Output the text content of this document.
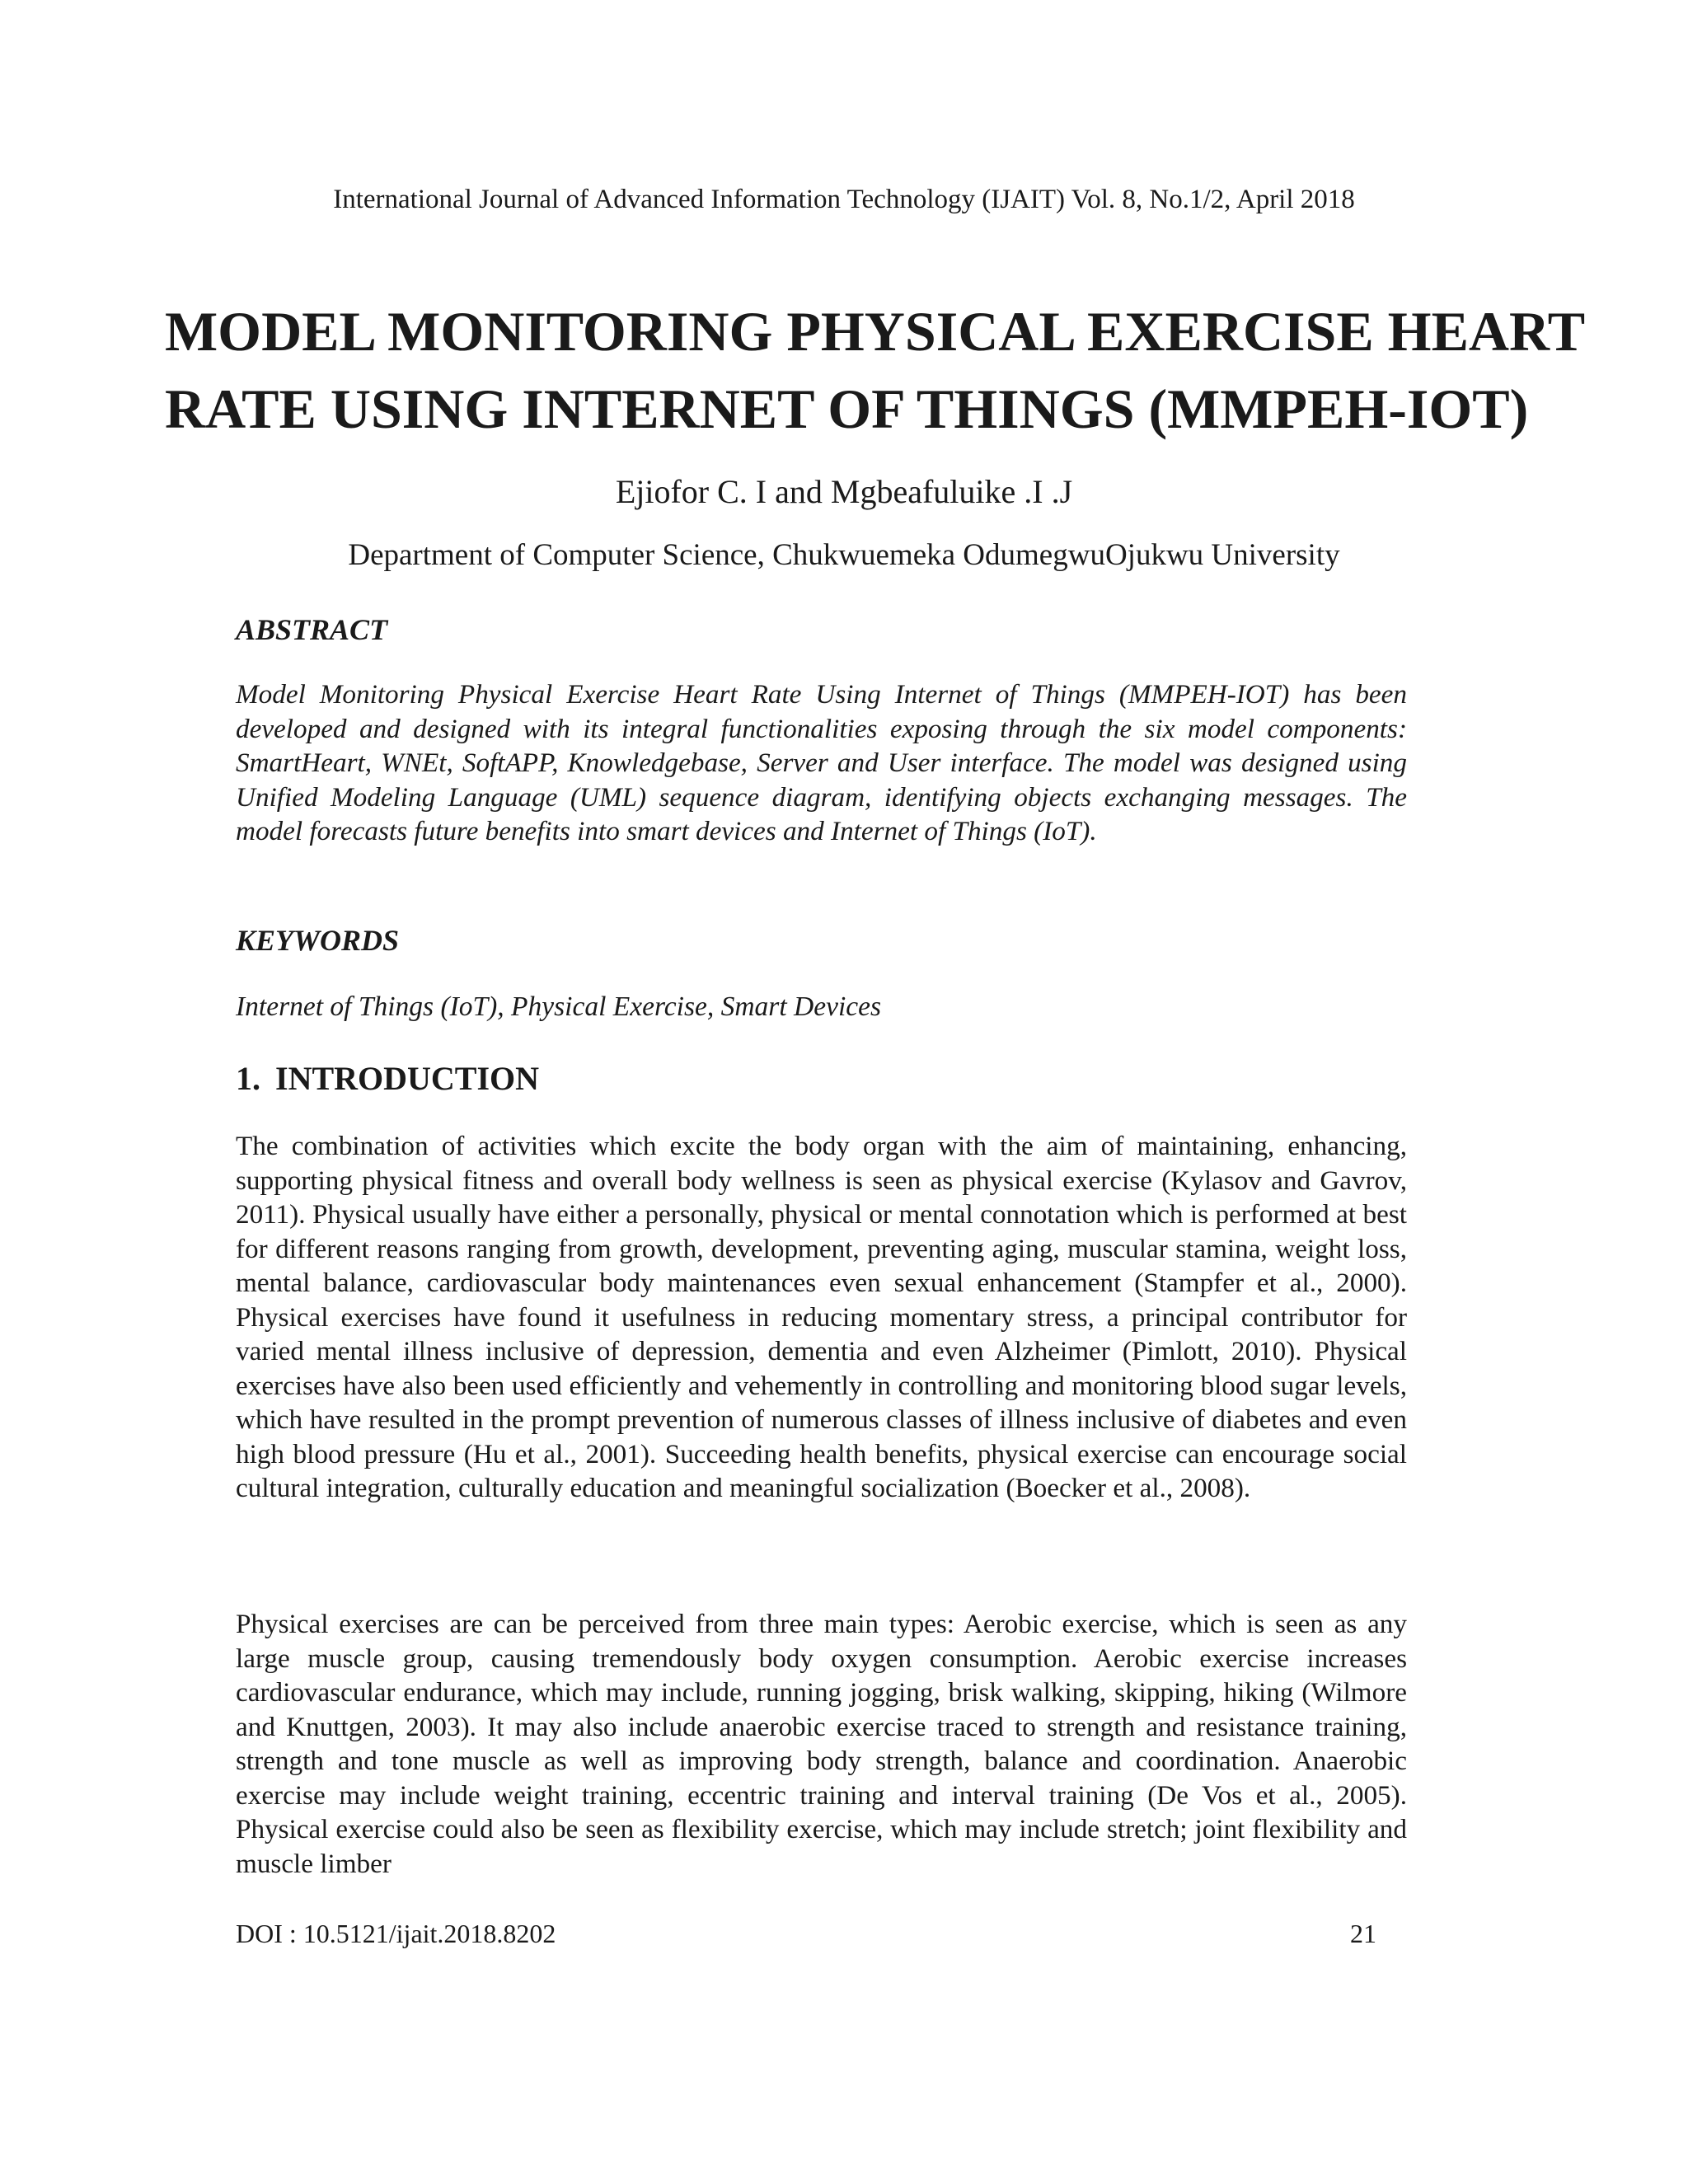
International Journal of Advanced Information Technology (IJAIT) Vol. 8, No.1/2, April 2018
MODEL MONITORING PHYSICAL EXERCISE HEART
RATE USING INTERNET OF THINGS (MMPEH-IOT)
Ejiofor C. I and Mgbeafuluike .I .J
Department of Computer Science, Chukwuemeka OdumegwuOjukwu University
ABSTRACT

Model Monitoring Physical Exercise Heart Rate Using Internet of Things (MMPEH-IOT) has been developed and designed with its integral functionalities exposing through the six model components: SmartHeart, WNEt, SoftAPP, Knowledgebase, Server and User interface. The model was designed using Unified Modeling Language (UML) sequence diagram, identifying objects exchanging messages. The model forecasts future benefits into smart devices and Internet of Things (IoT).

KEYWORDS
Internet of Things (IoT), Physical Exercise, Smart Devices
1. INTRODUCTION

The combination of activities which excite the body organ with the aim of maintaining, enhancing, supporting physical fitness and overall body wellness is seen as physical exercise (Kylasov and Gavrov, 2011). Physical usually have either a personally, physical or mental connotation which is performed at best for different reasons ranging from growth, development, preventing aging, muscular stamina, weight loss, mental balance, cardiovascular body maintenances even sexual enhancement (Stampfer et al., 2000). Physical exercises have found it usefulness in reducing momentary stress, a principal contributor for varied mental illness inclusive of depression, dementia and even Alzheimer (Pimlott, 2010). Physical exercises have also been used efficiently and vehemently in controlling and monitoring blood sugar levels, which have resulted in the prompt prevention of numerous classes of illness inclusive of diabetes and even high blood pressure (Hu et al., 2001). Succeeding health benefits, physical exercise can encourage social cultural integration, culturally education and meaningful socialization (Boecker et al., 2008).

Physical exercises are can be perceived from three main types: Aerobic exercise, which is seen as any large muscle group, causing tremendously body oxygen consumption. Aerobic exercise increases cardiovascular endurance, which may include, running jogging, brisk walking, skipping, hiking (Wilmore and Knuttgen, 2003). It may also include anaerobic exercise traced to strength and resistance training, strength and tone muscle as well as improving body strength, balance and coordination. Anaerobic exercise may include weight training, eccentric training and interval training (De Vos et al., 2005). Physical exercise could also be seen as flexibility exercise, which may include stretch; joint flexibility and muscle limber

DOI : 10.5121/ijait.2018.8202	21
